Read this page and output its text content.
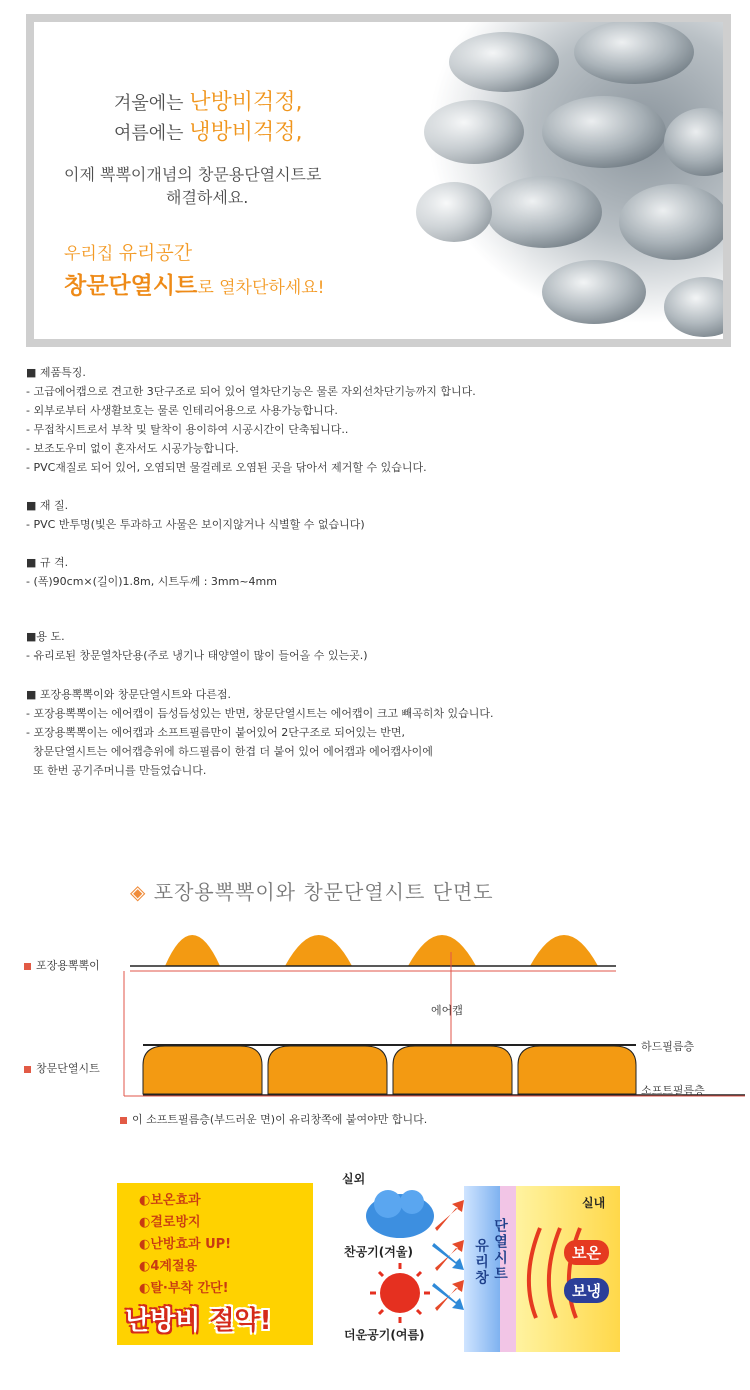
겨울에는 난방비걱정,
여름에는 냉방비걱정,
이제 뽁뽁이개념의 창문용단열시트로
해결하세요.
우리집 유리공간
창문단열시트로 열차단하세요!
■ 제품특징.
- 고급에어캡으로 견고한 3단구조로 되어 있어 열차단기능은 물론 자외선차단기능까지 합니다.
- 외부로부터 사생활보호는 물론 인테리어용으로 사용가능합니다.
- 무접착시트로서 부착 및 탈착이 용이하여 시공시간이 단축됩니다..
- 보조도우미 없이 혼자서도 시공가능합니다.
- PVC재질로 되어 있어, 오염되면 물걸레로 오염된 곳을 닦아서 제거할 수 있습니다.
■ 재 질.
- PVC 반투명(빛은 투과하고 사물은 보이지않거나 식별할 수 없습니다)
■ 규 격.
- (폭)90cm×(길이)1.8m, 시트두께 : 3mm~4mm
■용 도.
- 유리로된 창문열차단용(주로 냉기나 태양열이 많이 들어올 수 있는곳.)
■ 포장용뽁뽁이와 창문단열시트와 다른점.
- 포장용뽁뽁이는 에어캡이 듬성듬성있는 반면, 창문단열시트는 에어캡이 크고 빼곡히차 있습니다.
- 포장용뽁뽁이는 에어캡과 소프트필름만이 붙어있어 2단구조로 되어있는 반면,
창문단열시트는 에어캡층위에 하드필름이 한겹 더 붙어 있어 에어캡과 에어캡사이에
또 한번 공기주머니를 만들었습니다.
◈ 포장용뽁뽁이와 창문단열시트 단면도
포장용뽁뽁이
창문단열시트
에어캡
하드필름층
소프트필름층
이 소프트필름층(부드러운 면)이 유리창쪽에 붙여야만 합니다.
◐보온효과
◐결로방지
◐난방효과 UP!
◐4계절용
◐탈·부착 간단!
난방비 절약!
실외
실내
찬공기(겨울)
더운공기(여름)
유리창 단열시트	보온
보냉
